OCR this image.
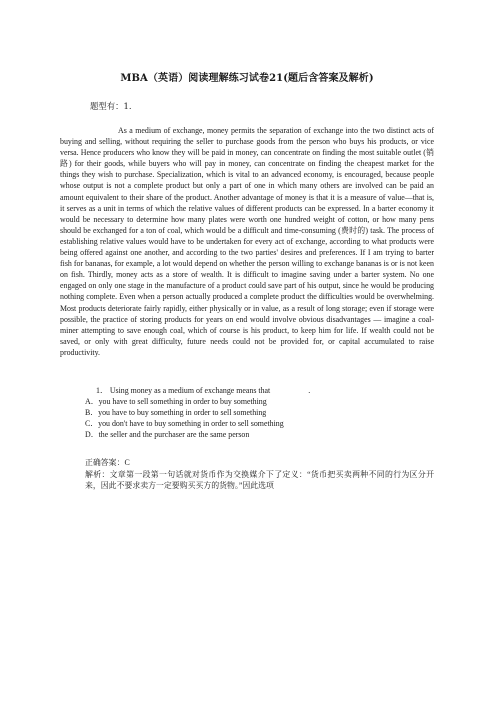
MBA（英语）阅读理解练习试卷21(题后含答案及解析)
题型有：1.

As a medium of exchange, money permits the separation of exchange into the two distinct acts of buying and selling, without requiring the seller to purchase goods from the person who buys his products, or vice versa. Hence producers who know they will be paid in money, can concentrate on finding the most suitable outlet (销路) for their goods, while buyers who will pay in money, can concentrate on finding the cheapest market for the things they wish to purchase. Specialization, which is vital to an advanced economy, is encouraged, because people whose output is not a complete product but only a part of one in which many others are involved can be paid an amount equivalent to their share of the product. Another advantage of money is that it is a measure of value—that is, it serves as a unit in terms of which the relative values of different products can be expressed. In a barter economy it would be necessary to determine how many plates were worth one hundred weight of cotton, or how many pens should be exchanged for a ton of coal, which would be a difficult and time-consuming (费时的) task. The process of establishing relative values would have to be undertaken for every act of exchange, according to what products were being offered against one another, and according to the two parties' desires and preferences. If I am trying to barter fish for bananas, for example, a lot would depend on whether the person willing to exchange bananas is or is not keen on fish. Thirdly, money acts as a store of wealth. It is difficult to imagine saving under a barter system. No one engaged on only one stage in the manufacture of a product could save part of his output, since he would be producing nothing complete. Even when a person actually produced a complete product the difficulties would be overwhelming. Most products deteriorate fairly rapidly, either physically or in value, as a result of long storage; even if storage were possible, the practice of storing products for years on end would involve obvious disadvantages — imagine a coal-miner attempting to save enough coal, which of course is his product, to keep him for life. If wealth could not be saved, or only with great difficulty, future needs could not be provided for, or capital accumulated to raise productivity.

1． Using money as a medium of exchange means that	.
A．you have to sell something in order to buy something
B．you have to buy something in order to sell something
C．you don't have to buy something in order to sell something
D．the seller and the purchaser are the same person
正确答案：C
解析：文章第一段第一句话就对货币作为交换媒介下了定义：“货币把买卖两种不同的行为区分开来，因此不要求卖方一定要购买买方的货物。”因此选项
